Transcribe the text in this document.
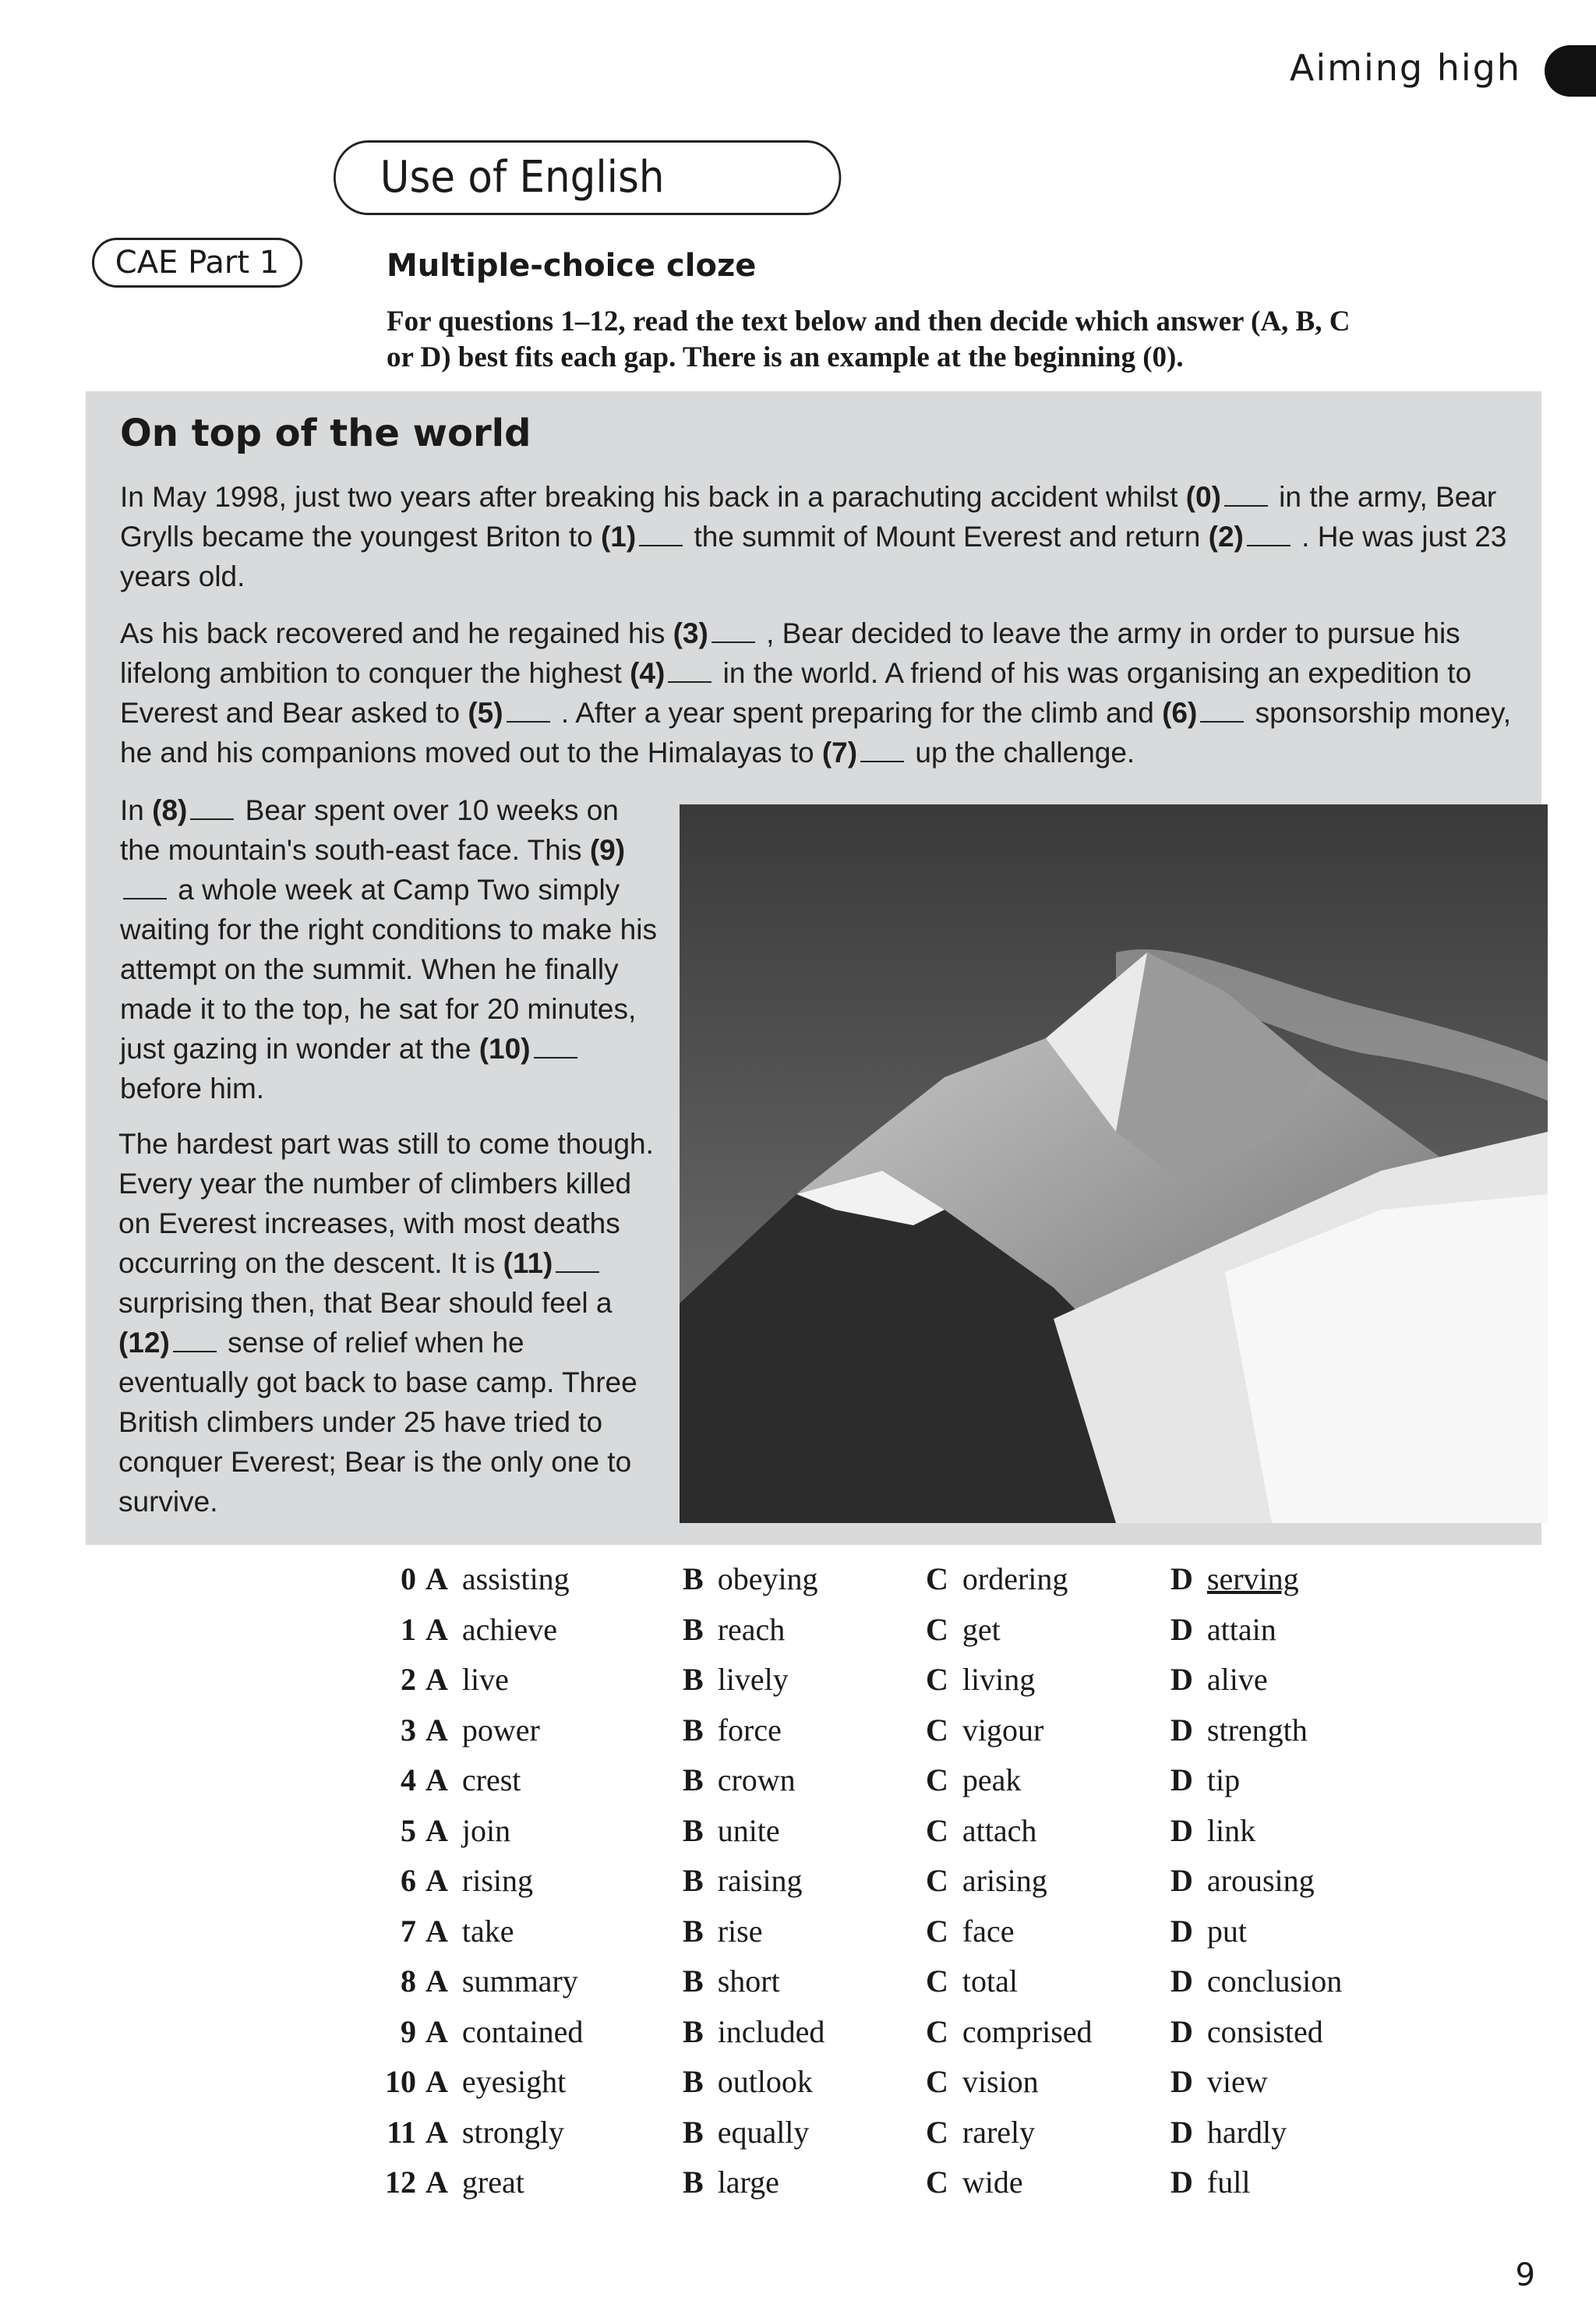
Aiming high
Use of English
CAE Part 1	Multiple-choice cloze
For questions 1–12, read the text below and then decide which answer (A, B, C
or D) best fits each gap. There is an example at the beginning (0).
On top of the world
In May 1998, just two years after breaking his back in a parachuting accident whilst (0) in the army, Bear Grylls became the youngest Briton to (1) the summit of Mount Everest and return (2) . He was just 23 years old.
As his back recovered and he regained his (3) , Bear decided to leave the army in order to pursue his lifelong ambition to conquer the highest (4) in the world. A friend of his was organising an expedition to Everest and Bear asked to (5) . After a year spent preparing for the climb and (6) sponsorship money, he and his companions moved out to the Himalayas to (7) up the challenge.
In (8) Bear spent over 10 weeks on the mountain's south-east face. This (9) a whole week at Camp Two simply waiting for the right conditions to make his attempt on the summit. When he finally made it to the top, he sat for 20 minutes, just gazing in wonder at the (10) before him.
The hardest part was still to come though. Every year the number of climbers killed on Everest increases, with most deaths occurring on the descent. It is (11) surprising then, that Bear should feel a (12) sense of relief when he eventually got back to base camp. Three British climbers under 25 have tried to conquer Everest; Bear is the only one to survive.
0 A assisting	B obeying	C ordering	D serving
1 A achieve	B reach	C get	D attain
2 A live	B lively	C living	D alive
3 A power	B force	C vigour	D strength
4 A crest	B crown	C peak	D tip
5 A join	B unite	C attach	D link
6 A rising	B raising	C arising	D arousing
7 A take	B rise	C face	D put
8 A summary	B short	C total	D conclusion
9 A contained	B included	C comprised	D consisted
10 A eyesight	B outlook	C vision	D view
11 A strongly	B equally	C rarely	D hardly
12 A great	B large	C wide	D full
9
